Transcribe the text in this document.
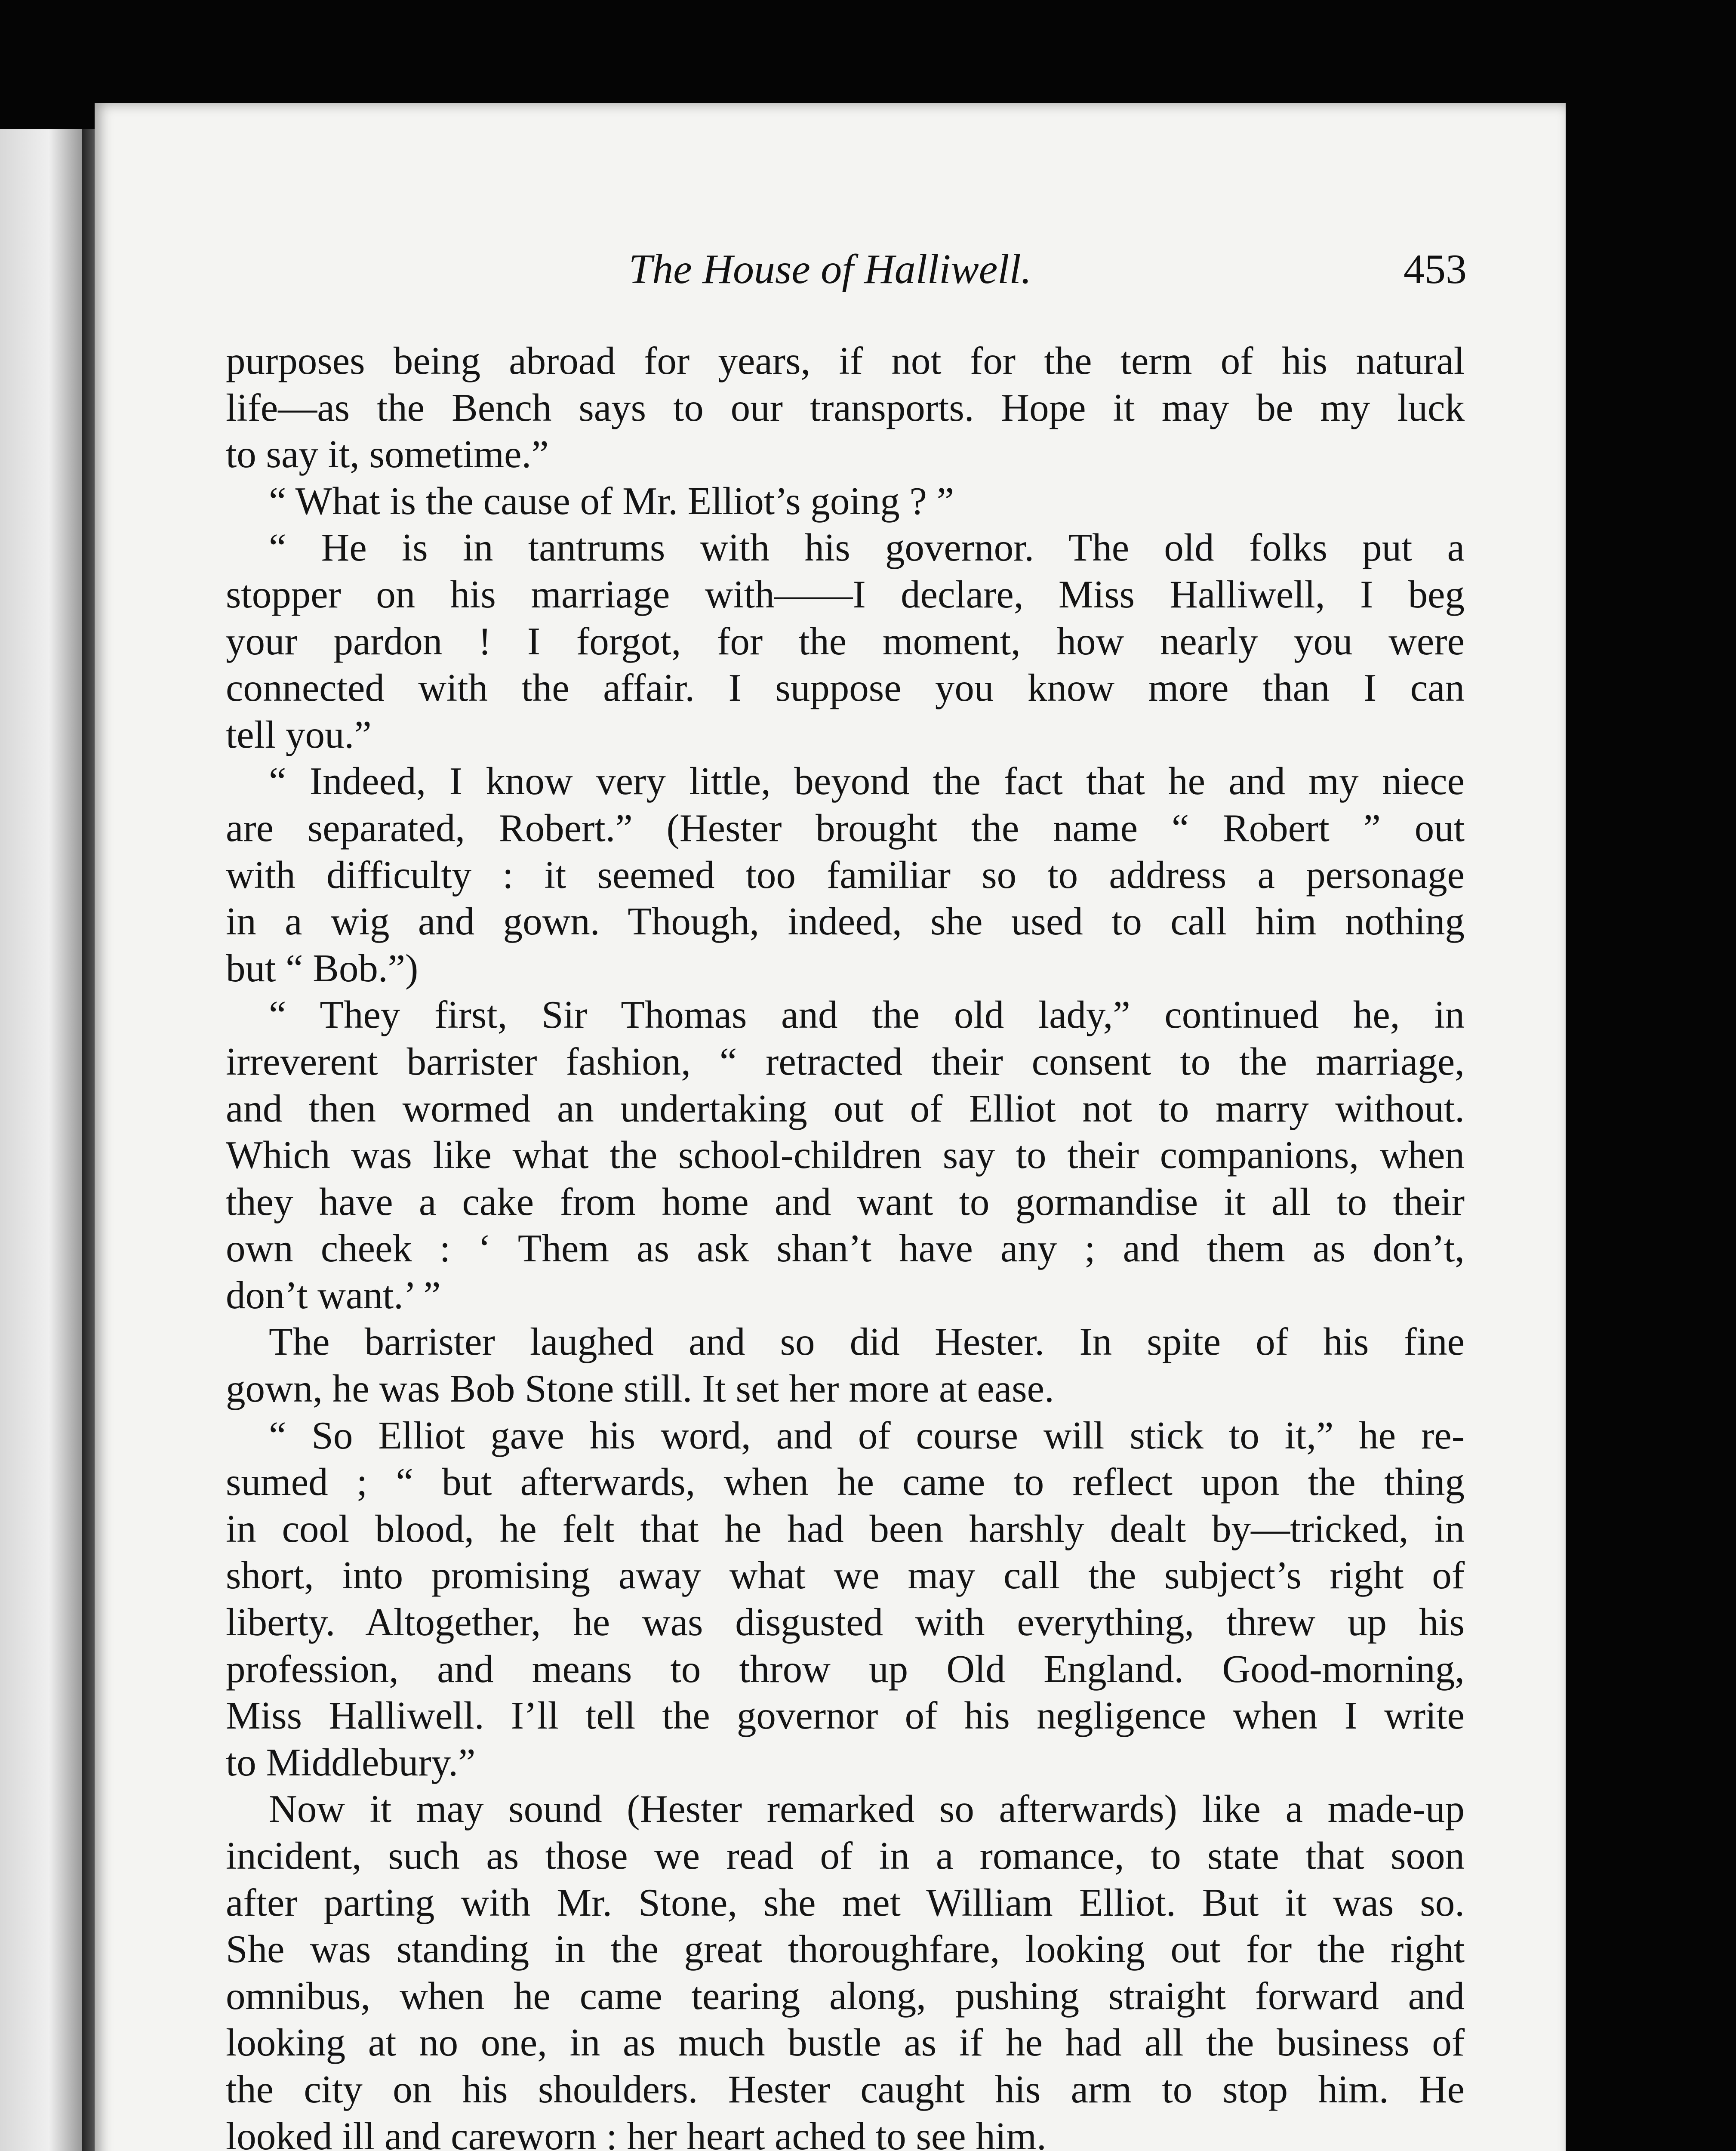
The House of Halliwell.	453
purposes being abroad for years, if not for the term of his natural
life—as the Bench says to our transports. Hope it may be my luck
to say it, sometime.”
“ What is the cause of Mr. Elliot’s going ? ”
“ He is in tantrums with his governor. The old folks put a
stopper on his marriage with——I declare, Miss Halliwell, I beg
your pardon ! I forgot, for the moment, how nearly you were
connected with the affair. I suppose you know more than I can
tell you.”
“ Indeed, I know very little, beyond the fact that he and my niece
are separated, Robert.” (Hester brought the name “ Robert ” out
with difficulty : it seemed too familiar so to address a personage
in a wig and gown. Though, indeed, she used to call him nothing
but “ Bob.”)
“ They first, Sir Thomas and the old lady,” continued he, in
irreverent barrister fashion, “ retracted their consent to the marriage,
and then wormed an undertaking out of Elliot not to marry without.
Which was like what the school-children say to their companions, when
they have a cake from home and want to gormandise it all to their
own cheek : ‘ Them as ask shan’t have any ; and them as don’t,
don’t want.’ ”
The barrister laughed and so did Hester. In spite of his fine
gown, he was Bob Stone still. It set her more at ease.
“ So Elliot gave his word, and of course will stick to it,” he re-
sumed ; “ but afterwards, when he came to reflect upon the thing
in cool blood, he felt that he had been harshly dealt by—tricked, in
short, into promising away what we may call the subject’s right of
liberty. Altogether, he was disgusted with everything, threw up his
profession, and means to throw up Old England. Good-morning,
Miss Halliwell. I’ll tell the governor of his negligence when I write
to Middlebury.”
Now it may sound (Hester remarked so afterwards) like a made-up
incident, such as those we read of in a romance, to state that soon
after parting with Mr. Stone, she met William Elliot. But it was so.
She was standing in the great thoroughfare, looking out for the right
omnibus, when he came tearing along, pushing straight forward and
looking at no one, in as much bustle as if he had all the business of
the city on his shoulders. Hester caught his arm to stop him. He
looked ill and careworn : her heart ached to see him.
